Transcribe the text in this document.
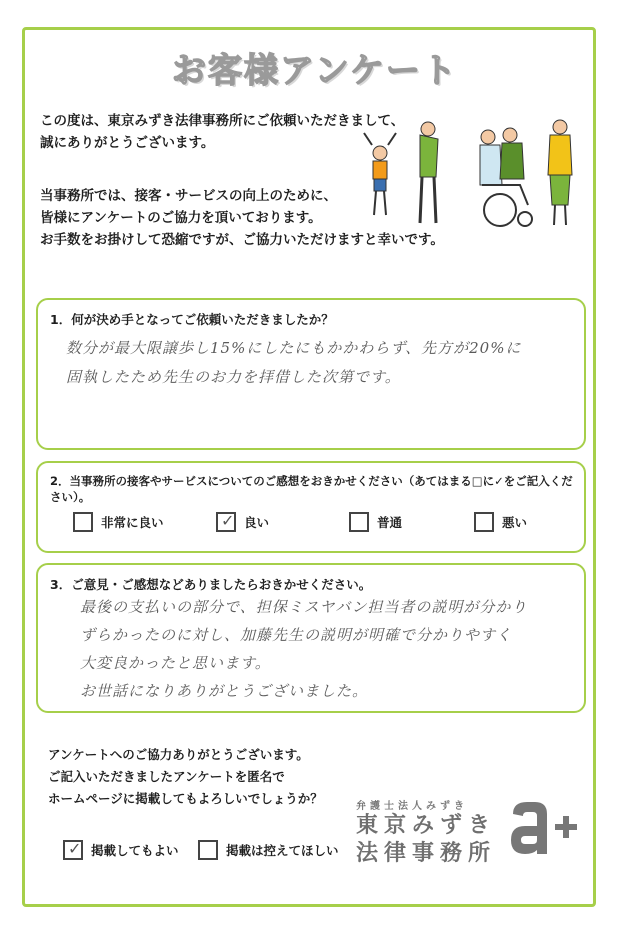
お客様アンケート

この度は、東京みずき法律事務所にご依頼いただきまして、

誠にありがとうございます。

当事務所では、接客・サービスの向上のために、

皆様にアンケートのご協力を頂いております。

お手数をお掛けして恐縮ですが、ご協力いただけますと幸いです。

1．何が決め手となってご依頼いただきましたか？
数分が最大限譲歩し15%にしたにもかかわらず、先方が20%に
固執したため先生のお力を拝借した次第です。
2．当事務所の接客やサービスについてのご感想をおきかせください（あてはまる□に✓をご記入ください）。
非常に良い	✓ 良い	普通	悪い
3．ご意見・ご感想などありましたらおきかせください。
最後の支払いの部分で、担保ミスヤバン担当者の説明が分かり
ずらかったのに対し、加藤先生の説明が明確で分かりやすく
大変良かったと思います。
お世話になりありがとうございました。

アンケートへのご協力ありがとうございます。

ご記入いただきましたアンケートを匿名で

ホームページに掲載してもよろしいでしょうか？

✓ 掲載してもよい	掲載は控えてほしい
弁護士法人みずき
東京みずき
法律事務所
